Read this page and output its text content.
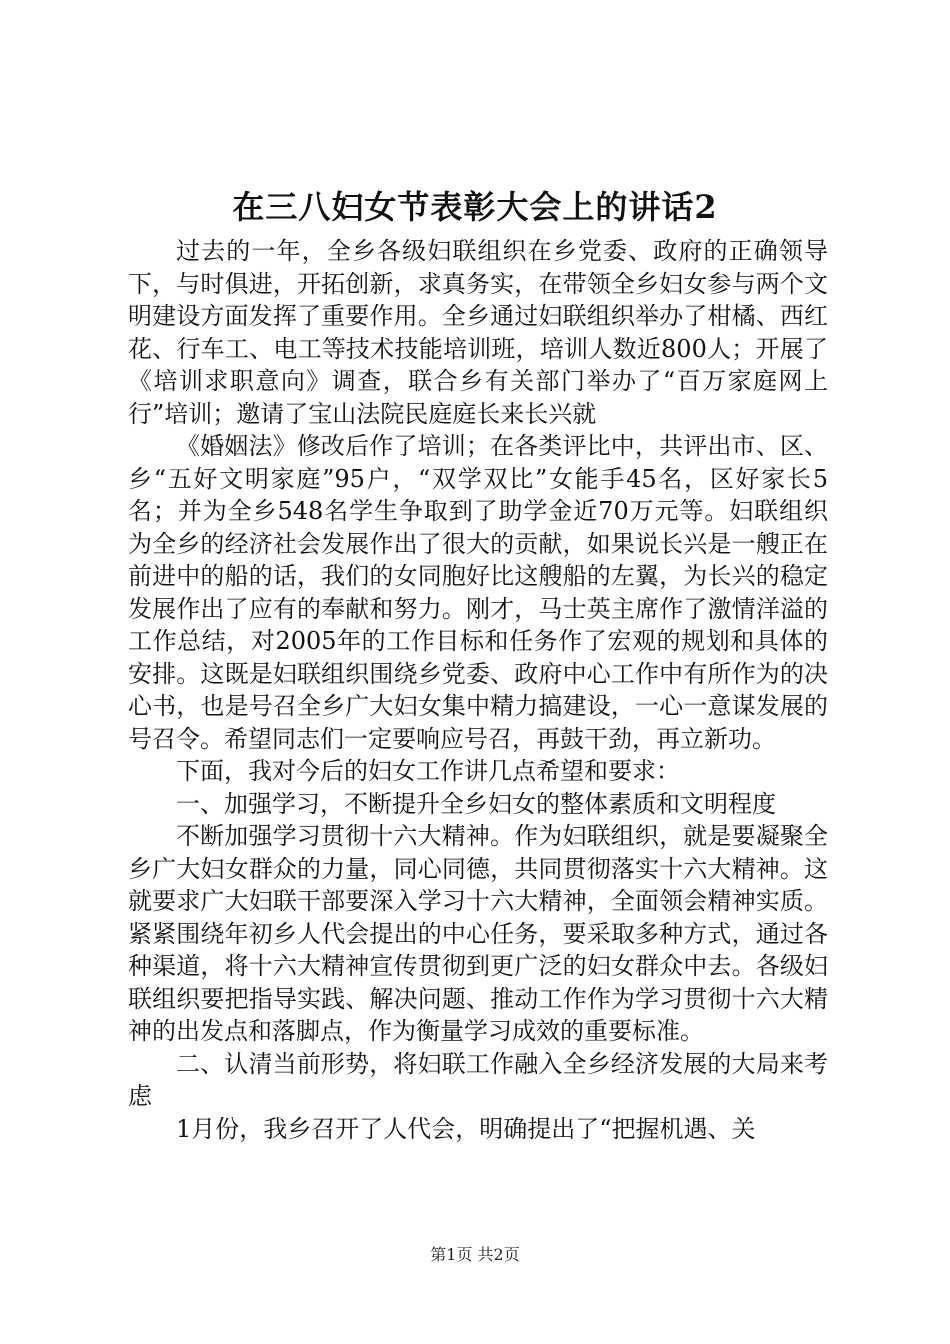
在三八妇女节表彰大会上的讲话2

过去的一年，全乡各级妇联组织在乡党委、政府的正确领导下，与时俱进，开拓创新，求真务实，在带领全乡妇女参与两个文明建设方面发挥了重要作用。全乡通过妇联组织举办了柑橘、西红花、行车工、电工等技术技能培训班，培训人数近800人；开展了《培训求职意向》调查，联合乡有关部门举办了“百万家庭网上行”培训；邀请了宝山法院民庭庭长来长兴就

《婚姻法》修改后作了培训；在各类评比中，共评出市、区、乡“五好文明家庭”95户，“双学双比”女能手45名，区好家长5名；并为全乡548名学生争取到了助学金近70万元等。妇联组织为全乡的经济社会发展作出了很大的贡献，如果说长兴是一艘正在前进中的船的话，我们的女同胞好比这艘船的左翼，为长兴的稳定发展作出了应有的奉献和努力。刚才，马士英主席作了激情洋溢的工作总结，对2005年的工作目标和任务作了宏观的规划和具体的安排。这既是妇联组织围绕乡党委、政府中心工作中有所作为的决心书，也是号召全乡广大妇女集中精力搞建设，一心一意谋发展的号召令。希望同志们一定要响应号召，再鼓干劲，再立新功。

下面，我对今后的妇女工作讲几点希望和要求：

一、加强学习，不断提升全乡妇女的整体素质和文明程度

不断加强学习贯彻十六大精神。作为妇联组织，就是要凝聚全乡广大妇女群众的力量，同心同德，共同贯彻落实十六大精神。这就要求广大妇联干部要深入学习十六大精神，全面领会精神实质。紧紧围绕年初乡人代会提出的中心任务，要采取多种方式，通过各种渠道，将十六大精神宣传贯彻到更广泛的妇女群众中去。各级妇联组织要把指导实践、解决问题、推动工作作为学习贯彻十六大精神的出发点和落脚点，作为衡量学习成效的重要标准。

二、认清当前形势，将妇联工作融入全乡经济发展的大局来考虑

1月份，我乡召开了人代会，明确提出了“把握机遇、关

第1页 共2页
